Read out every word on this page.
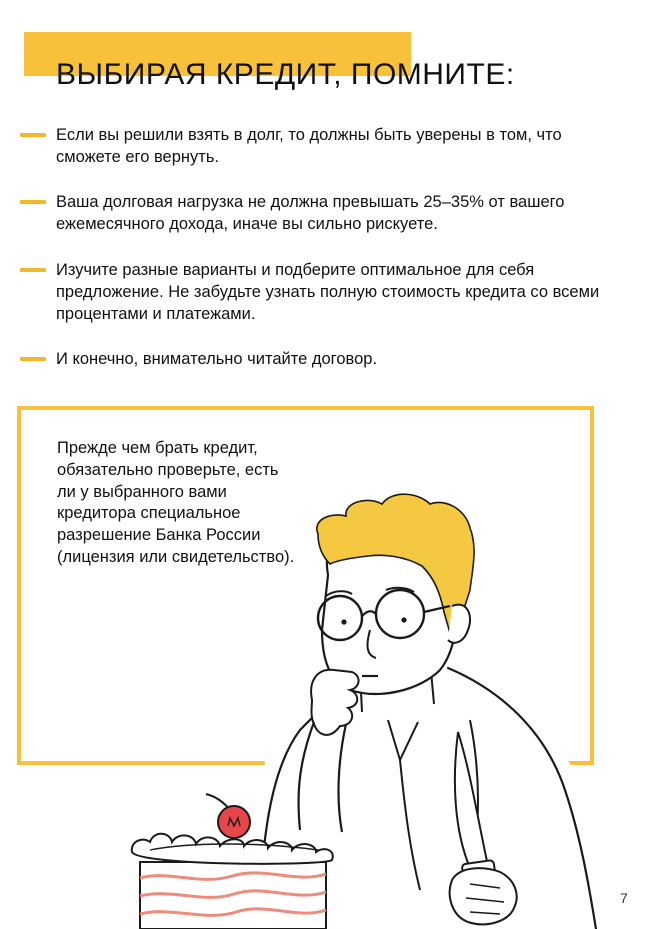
ВЫБИРАЯ КРЕДИТ, ПОМНИТЕ:
Если вы решили взять в долг, то должны быть уверены в том, что сможете его вернуть.
Ваша долговая нагрузка не должна превышать 25–35% от вашего ежемесячного дохода, иначе вы сильно рискуете.
Изучите разные варианты и подберите оптимальное для себя предложение. Не забудьте узнать полную стоимость кредита со всеми процентами и платежами.
И конечно, внимательно читайте договор.
Прежде чем брать кредит, обязательно проверьте, есть ли у выбранного вами кредитора специальное разрешение Банка России (лицензия или свидетельство).
7
